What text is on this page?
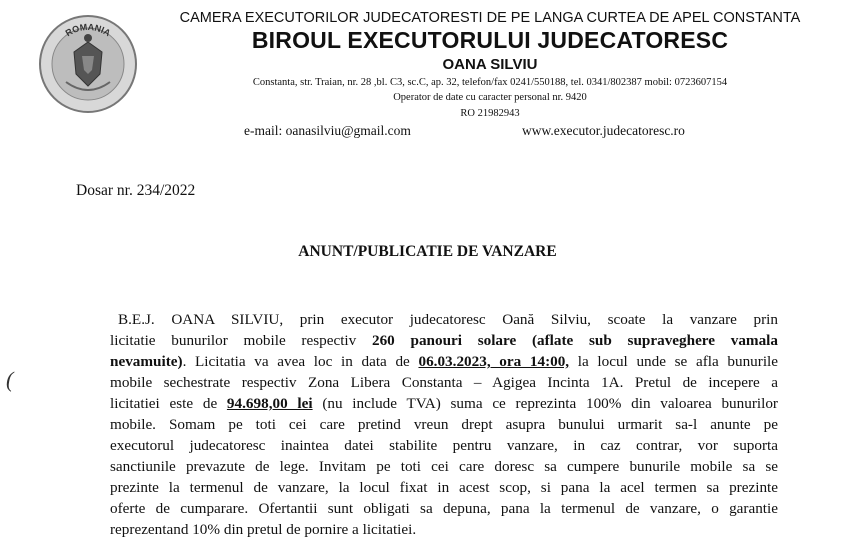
ROMANIA
CAMERA EXECUTORILOR JUDECATORESTI DE PE LANGA CURTEA DE APEL CONSTANTA
BIROUL EXECUTORULUI JUDECATORESC
OANA SILVIU
Constanta, str. Traian, nr. 28 ,bl. C3, sc.C, ap. 32, telefon/fax 0241/550188, tel. 0341/802387 mobil: 0723607154
Operator de date cu caracter personal nr. 9420
RO 21982943
e-mail: oanasilviu@gmail.com	www.executor.judecatoresc.ro
Dosar nr. 234/2022
ANUNT/PUBLICATIE DE VANZARE
(
B.E.J. OANA SILVIU, prin executor judecatoresc Oană Silviu, scoate la vanzare prin
licitatie bunurilor mobile respectiv 260 panouri solare (aflate sub supraveghere vamala
nevamuite). Licitatia va avea loc in data de 06.03.2023, ora 14:00, la locul unde se afla bunurile
mobile sechestrate respectiv Zona Libera Constanta – Agigea Incinta 1A. Pretul de incepere a
licitatiei este de 94.698,00 lei (nu include TVA) suma ce reprezinta 100% din valoarea bunurilor
mobile. Somam pe toti cei care pretind vreun drept asupra bunului urmarit sa-l anunte pe
executorul judecatoresc inaintea datei stabilite pentru vanzare, in caz contrar, vor suporta
sanctiunile prevazute de lege. Invitam pe toti cei care doresc sa cumpere bunurile mobile sa se
prezinte la termenul de vanzare, la locul fixat in acest scop, si pana la acel termen sa prezinte
oferte de cumparare. Ofertantii sunt obligati sa depuna, pana la termenul de vanzare, o garantie
reprezentand 10% din pretul de pornire a licitatiei.
